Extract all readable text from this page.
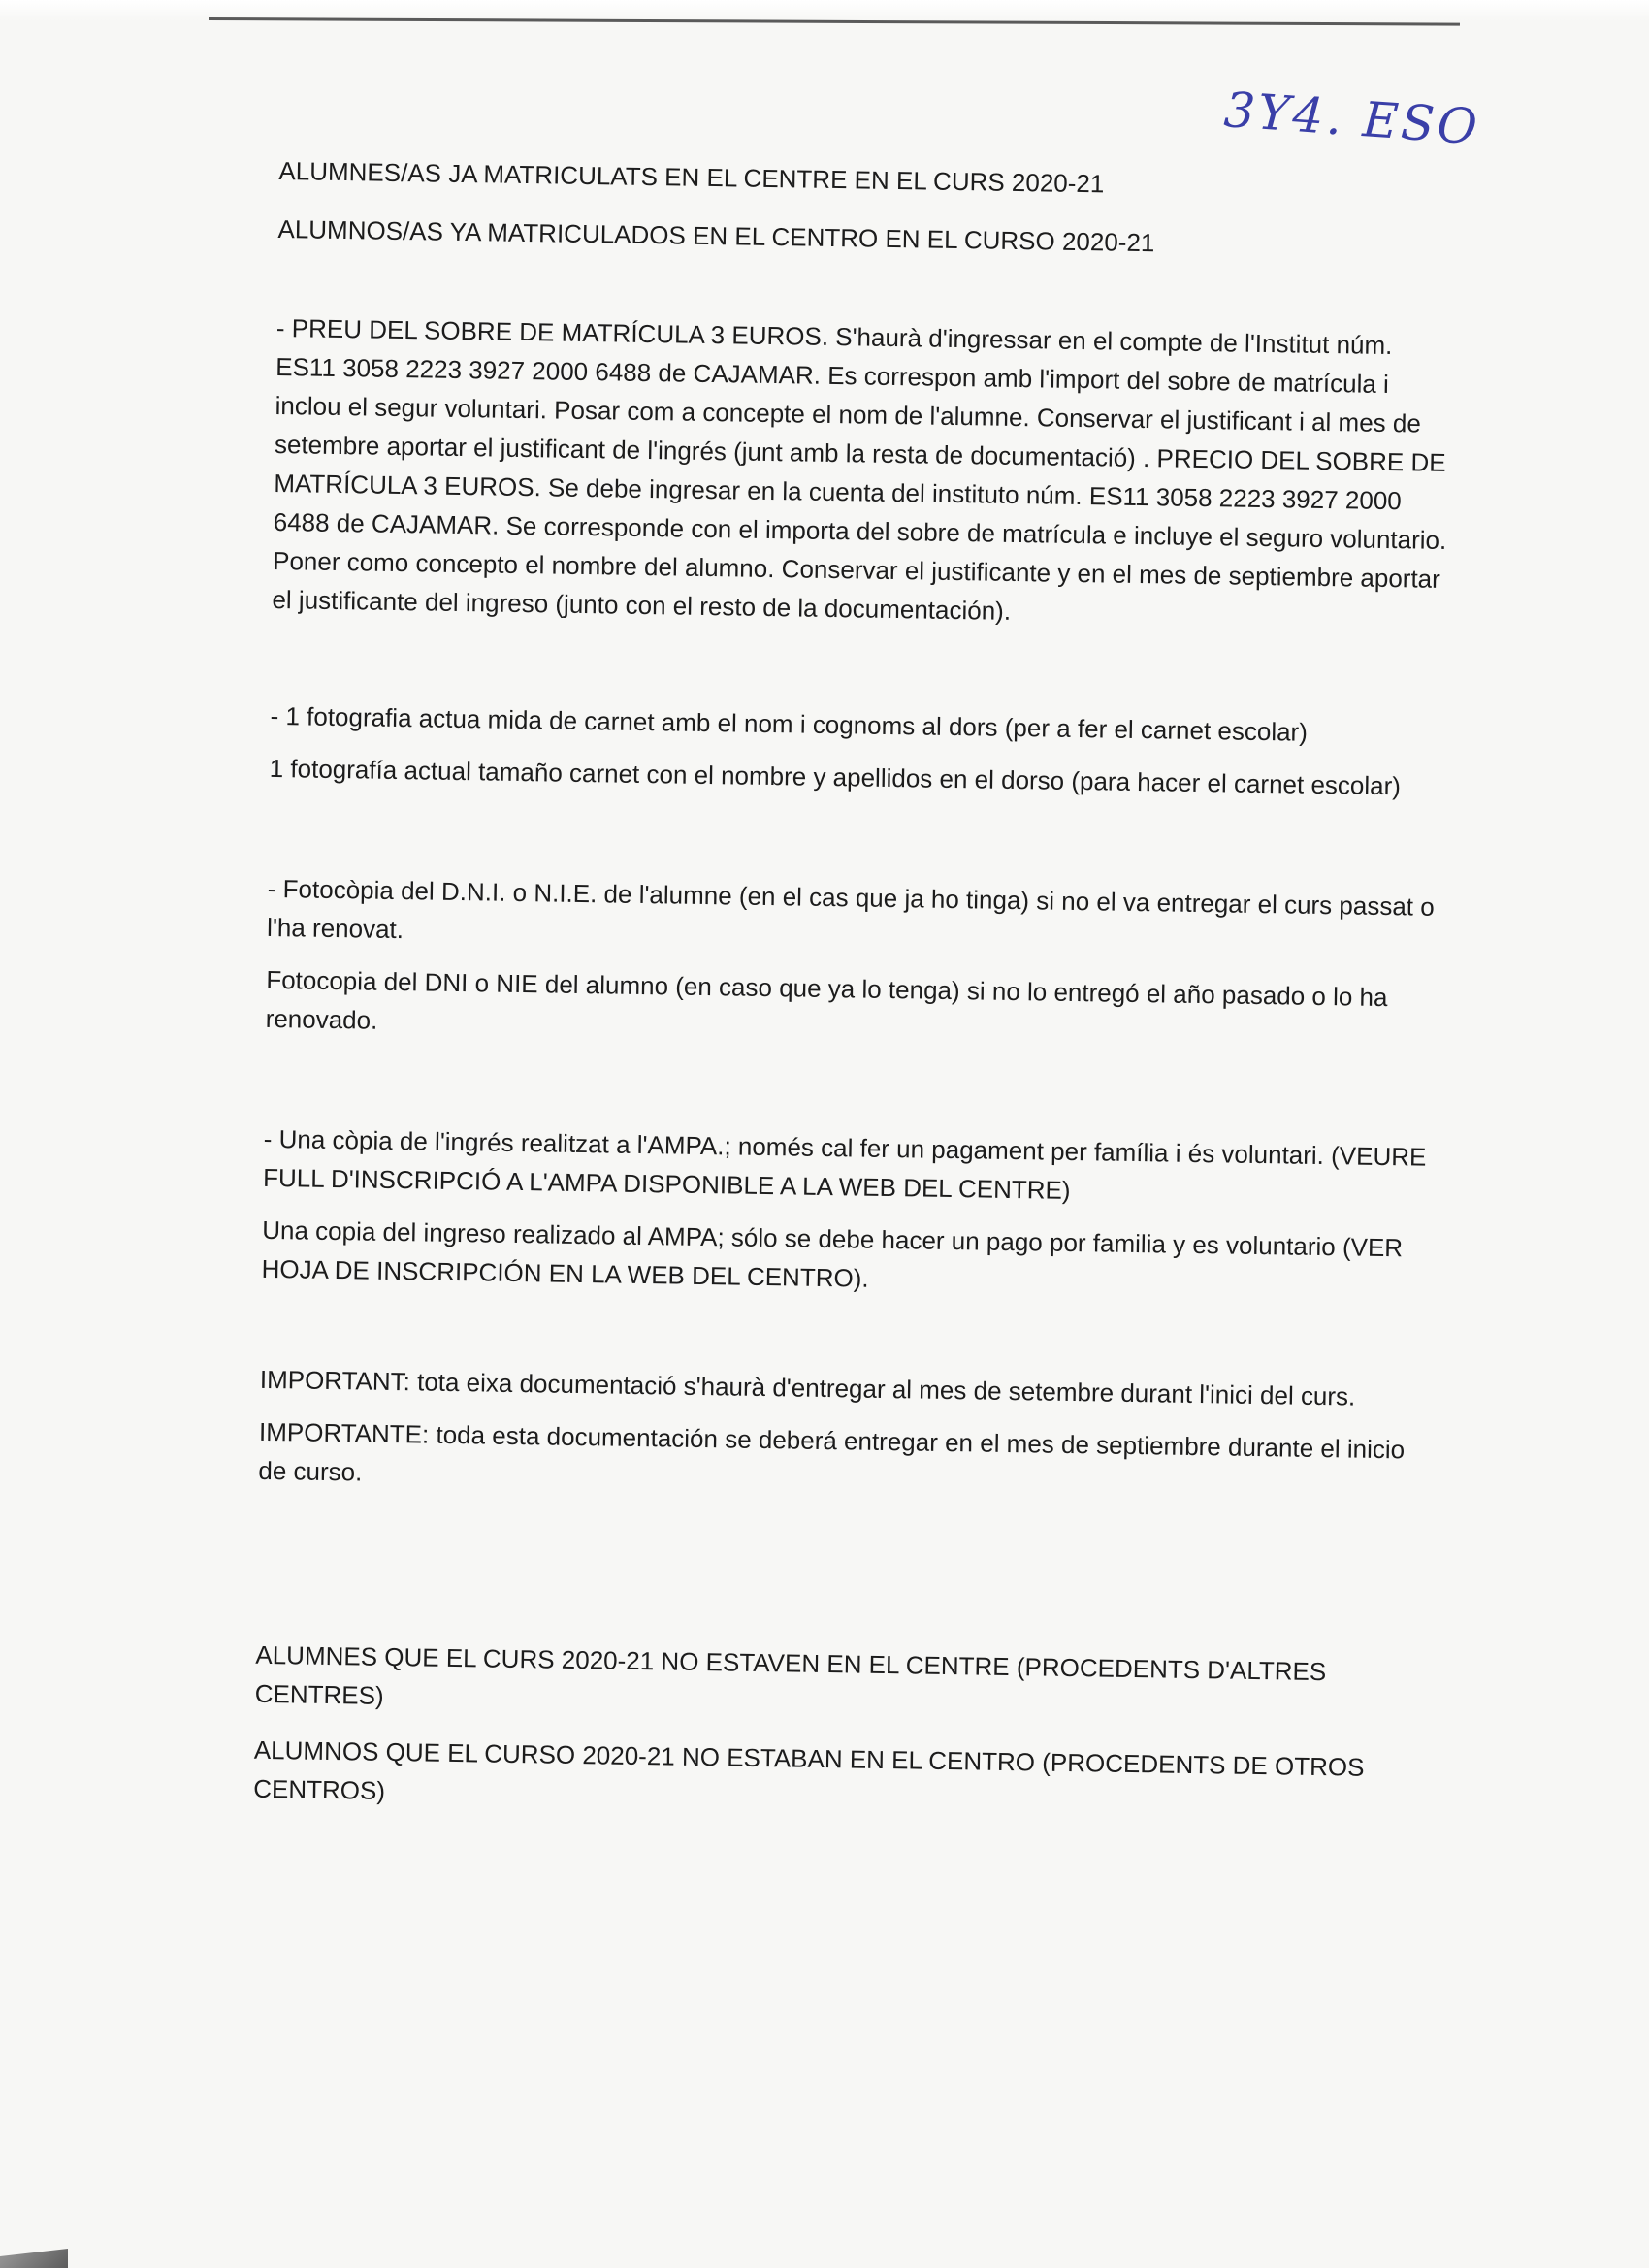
3Y4. ESO

ALUMNES/AS JA MATRICULATS EN EL CENTRE EN EL CURS 2020-21

ALUMNOS/AS YA MATRICULADOS EN EL CENTRO EN EL CURSO 2020-21

- PREU DEL SOBRE DE MATRÍCULA 3 EUROS. S'haurà d'ingressar en el compte de l'Institut núm. ES11 3058 2223 3927 2000 6488 de CAJAMAR. Es correspon amb l'import del sobre de matrícula i inclou el segur voluntari. Posar com a concepte el nom de l'alumne. Conservar el justificant i al mes de setembre aportar el justificant de l'ingrés (junt amb la resta de documentació) . PRECIO DEL SOBRE DE MATRÍCULA 3 EUROS. Se debe ingresar en la cuenta del instituto núm. ES11 3058 2223 3927 2000 6488 de CAJAMAR. Se corresponde con el importa del sobre de matrícula e incluye el seguro voluntario. Poner como concepto el nombre del alumno. Conservar el justificante y en el mes de septiembre aportar el justificante del ingreso (junto con el resto de la documentación).

- 1 fotografia actua mida de carnet amb el nom i cognoms al dors (per a fer el carnet escolar)

1 fotografía actual tamaño carnet con el nombre y apellidos en el dorso (para hacer el carnet escolar)

- Fotocòpia del D.N.I. o N.I.E. de l'alumne (en el cas que ja ho tinga) si no el va entregar el curs passat o l'ha renovat.

Fotocopia del DNI o NIE del alumno (en caso que ya lo tenga) si no lo entregó el año pasado o lo ha renovado.

- Una còpia de l'ingrés realitzat a l'AMPA.; només cal fer un pagament per família i és voluntari. (VEURE FULL D'INSCRIPCIÓ A L'AMPA DISPONIBLE A LA WEB DEL CENTRE)

Una copia del ingreso realizado al AMPA; sólo se debe hacer un pago por familia y es voluntario (VER HOJA DE INSCRIPCIÓN EN LA WEB DEL CENTRO).

IMPORTANT: tota eixa documentació s'haurà d'entregar al mes de setembre durant l'inici del curs.

IMPORTANTE: toda esta documentación se deberá entregar en el mes de septiembre durante el inicio de curso.

ALUMNES QUE EL CURS 2020-21 NO ESTAVEN EN EL CENTRE (PROCEDENTS D'ALTRES CENTRES)

ALUMNOS QUE EL CURSO 2020-21 NO ESTABAN EN EL CENTRO (PROCEDENTS DE OTROS CENTROS)
